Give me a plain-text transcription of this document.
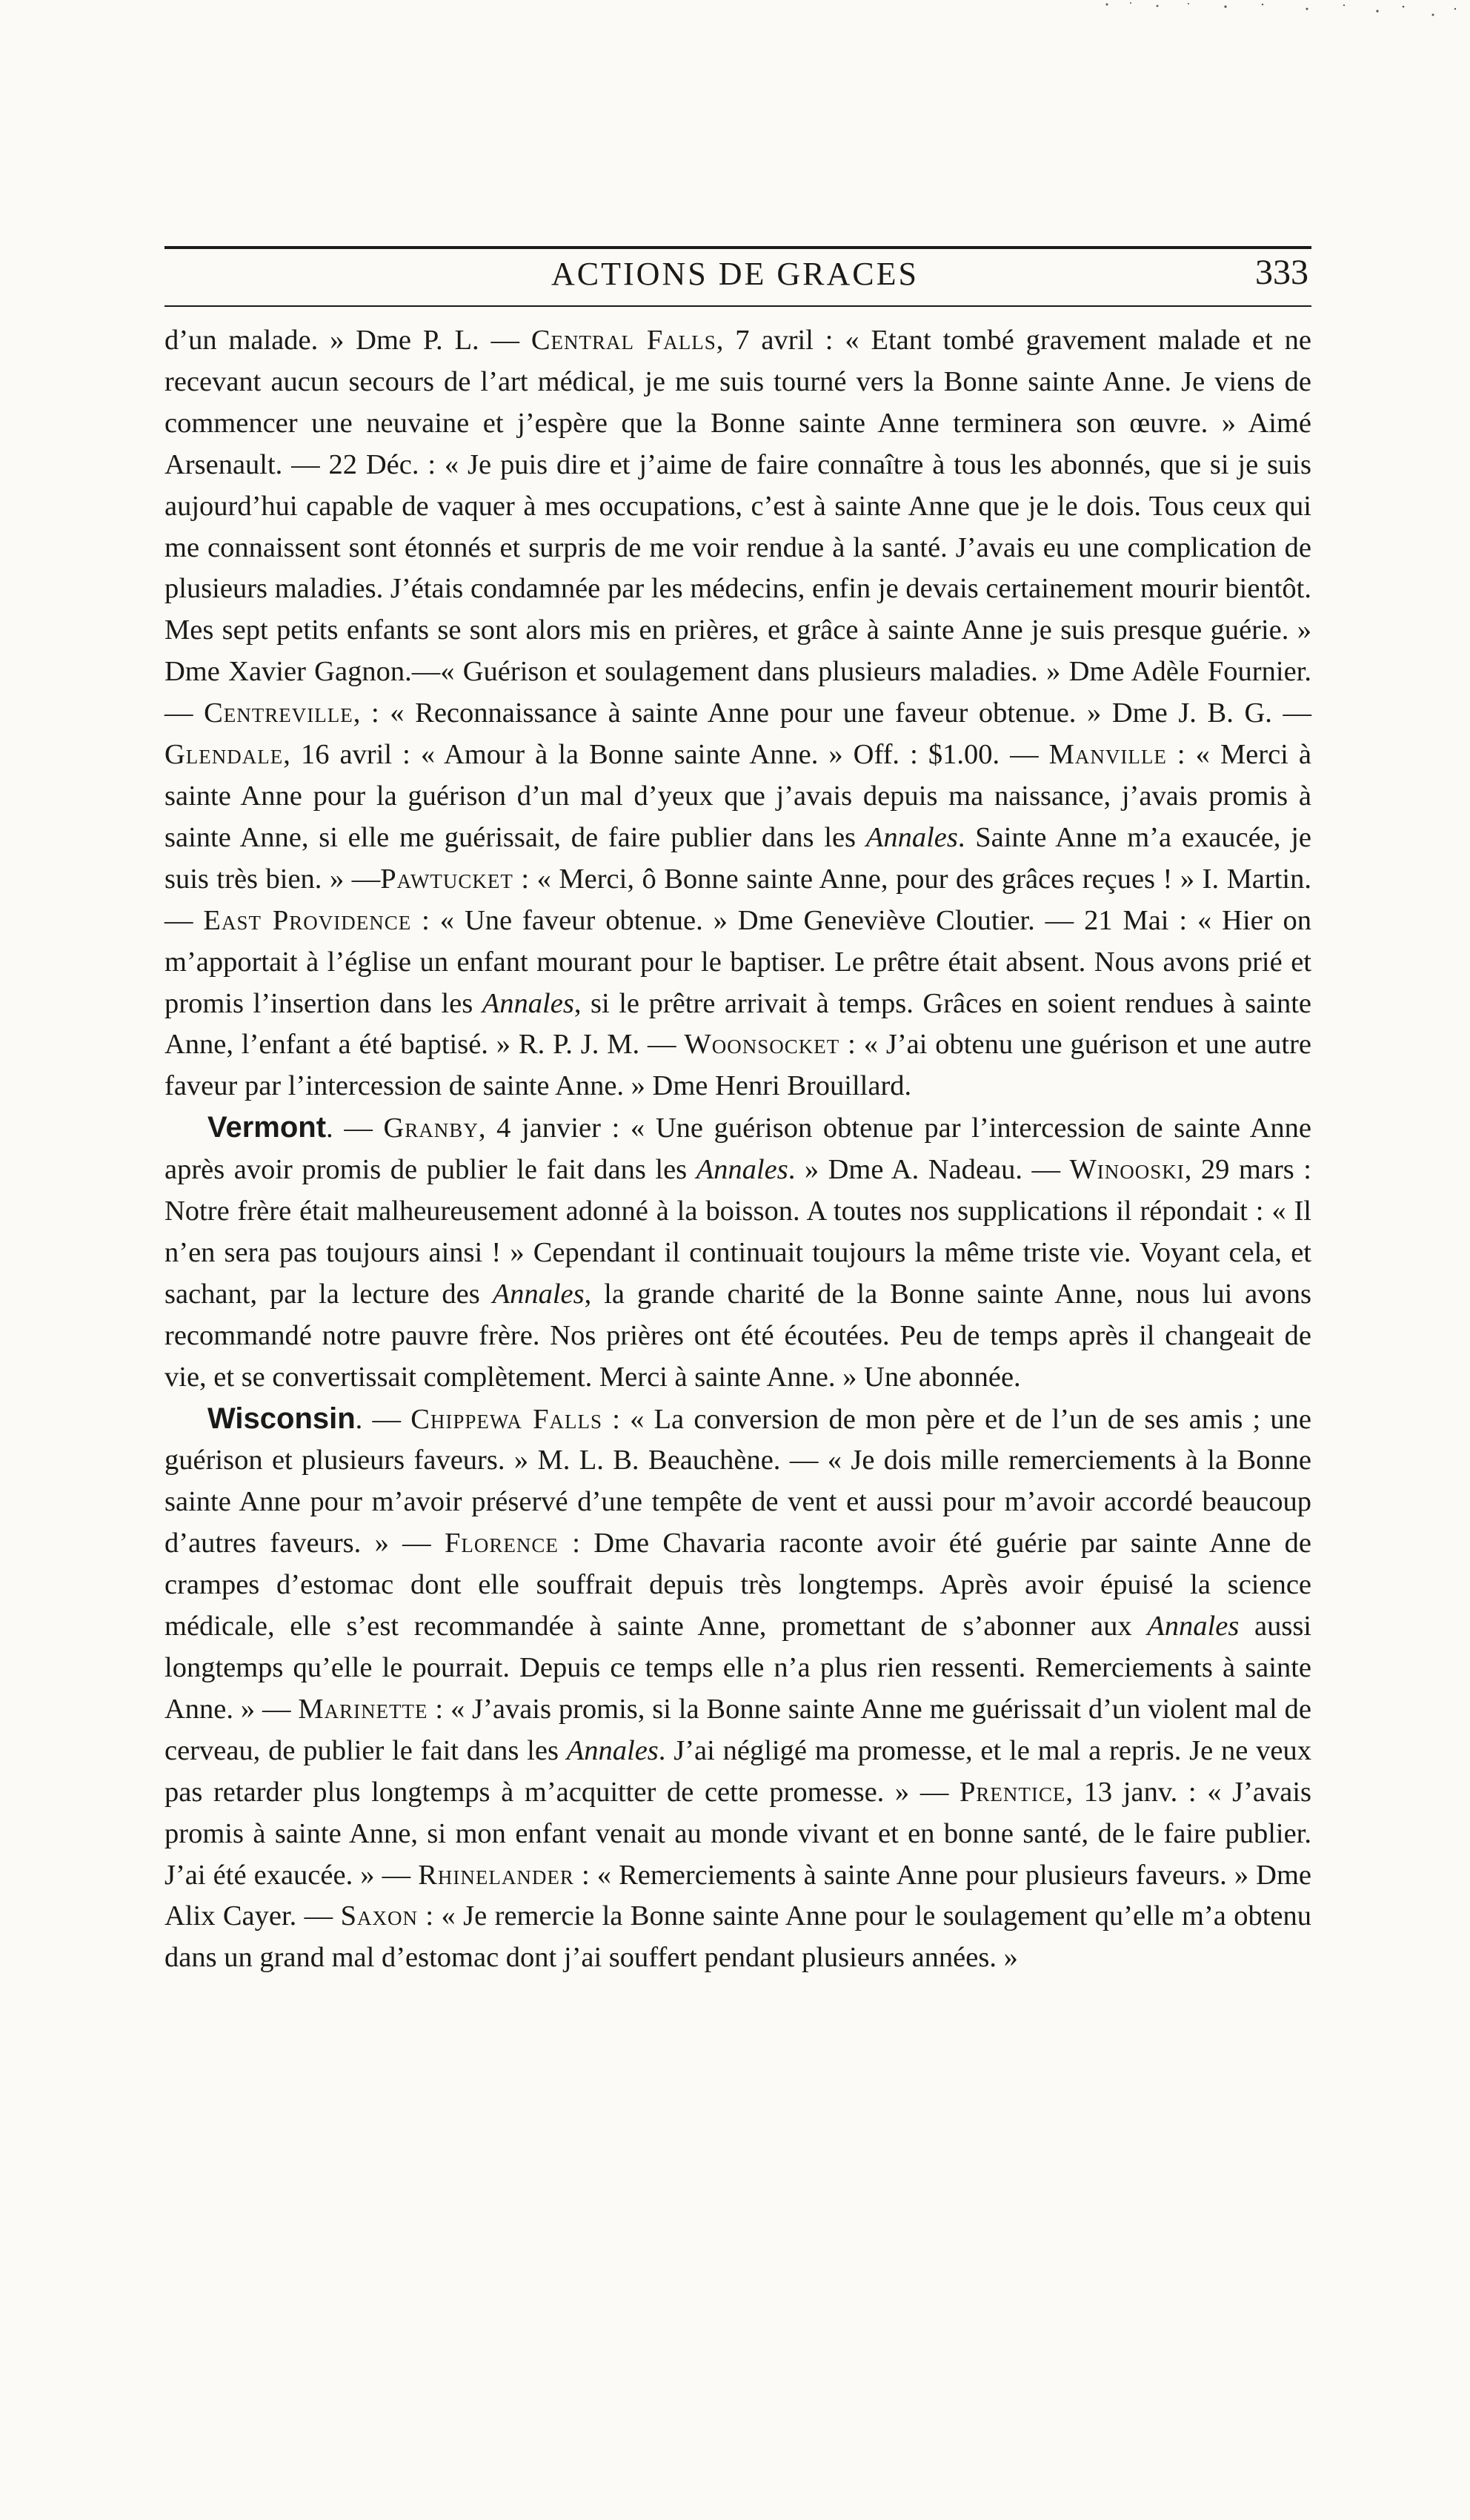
ACTIONS DE GRACES	333

d’un malade. » Dme P. L. — Central Falls, 7 avril : « Etant tombé gravement malade et ne recevant aucun secours de l’art médical, je me suis tourné vers la Bonne sainte Anne. Je viens de commencer une neuvaine et j’espère que la Bonne sainte Anne terminera son œuvre. » Aimé Arsenault. — 22 Déc. : « Je puis dire et j’aime de faire connaître à tous les abonnés, que si je suis aujourd’hui capable de vaquer à mes occupations, c’est à sainte Anne que je le dois. Tous ceux qui me connaissent sont étonnés et surpris de me voir rendue à la santé. J’avais eu une complication de plusieurs maladies. J’étais condamnée par les médecins, enfin je devais certainement mourir bientôt. Mes sept petits enfants se sont alors mis en prières, et grâce à sainte Anne je suis presque guérie. » Dme Xavier Gagnon.—« Guérison et soulagement dans plusieurs maladies. » Dme Adèle Fournier. — Centreville, : « Reconnaissance à sainte Anne pour une faveur obtenue. » Dme J. B. G. — Glendale, 16 avril : « Amour à la Bonne sainte Anne. » Off. : $1.00. — Manville : « Merci à sainte Anne pour la guérison d’un mal d’yeux que j’avais depuis ma naissance, j’avais promis à sainte Anne, si elle me guérissait, de faire publier dans les Annales. Sainte Anne m’a exaucée, je suis très bien. » —Pawtucket : « Merci, ô Bonne sainte Anne, pour des grâces reçues ! » I. Martin. — East Providence : « Une faveur obtenue. » Dme Geneviève Cloutier. — 21 Mai : « Hier on m’apportait à l’église un enfant mourant pour le baptiser. Le prêtre était absent. Nous avons prié et promis l’insertion dans les Annales, si le prêtre arrivait à temps. Grâces en soient rendues à sainte Anne, l’enfant a été baptisé. » R. P. J. M. — Woonsocket : « J’ai obtenu une guérison et une autre faveur par l’intercession de sainte Anne. » Dme Henri Brouillard.

Vermont. — Granby, 4 janvier : « Une guérison obtenue par l’intercession de sainte Anne après avoir promis de publier le fait dans les Annales. » Dme A. Nadeau. — Winooski, 29 mars : Notre frère était malheureusement adonné à la boisson. A toutes nos supplications il répondait : « Il n’en sera pas toujours ainsi ! » Cependant il continuait toujours la même triste vie. Voyant cela, et sachant, par la lecture des Annales, la grande charité de la Bonne sainte Anne, nous lui avons recommandé notre pauvre frère. Nos prières ont été écoutées. Peu de temps après il changeait de vie, et se convertissait complètement. Merci à sainte Anne. » Une abonnée.

Wisconsin. — Chippewa Falls : « La conversion de mon père et de l’un de ses amis ; une guérison et plusieurs faveurs. » M. L. B. Beauchène. — « Je dois mille remerciements à la Bonne sainte Anne pour m’avoir préservé d’une tempête de vent et aussi pour m’avoir accordé beaucoup d’autres faveurs. » — Florence : Dme Chavaria raconte avoir été guérie par sainte Anne de crampes d’estomac dont elle souffrait depuis très longtemps. Après avoir épuisé la science médicale, elle s’est recommandée à sainte Anne, promettant de s’abonner aux Annales aussi longtemps qu’elle le pourrait. Depuis ce temps elle n’a plus rien ressenti. Remerciements à sainte Anne. » — Marinette : « J’avais promis, si la Bonne sainte Anne me guérissait d’un violent mal de cerveau, de publier le fait dans les Annales. J’ai négligé ma promesse, et le mal a repris. Je ne veux pas retarder plus longtemps à m’acquitter de cette promesse. » — Prentice, 13 janv. : « J’avais promis à sainte Anne, si mon enfant venait au monde vivant et en bonne santé, de le faire publier. J’ai été exaucée. » — Rhinelander : « Remerciements à sainte Anne pour plusieurs faveurs. » Dme Alix Cayer. — Saxon : « Je remercie la Bonne sainte Anne pour le soulagement qu’elle m’a obtenu dans un grand mal d’estomac dont j’ai souffert pendant plusieurs années. »
